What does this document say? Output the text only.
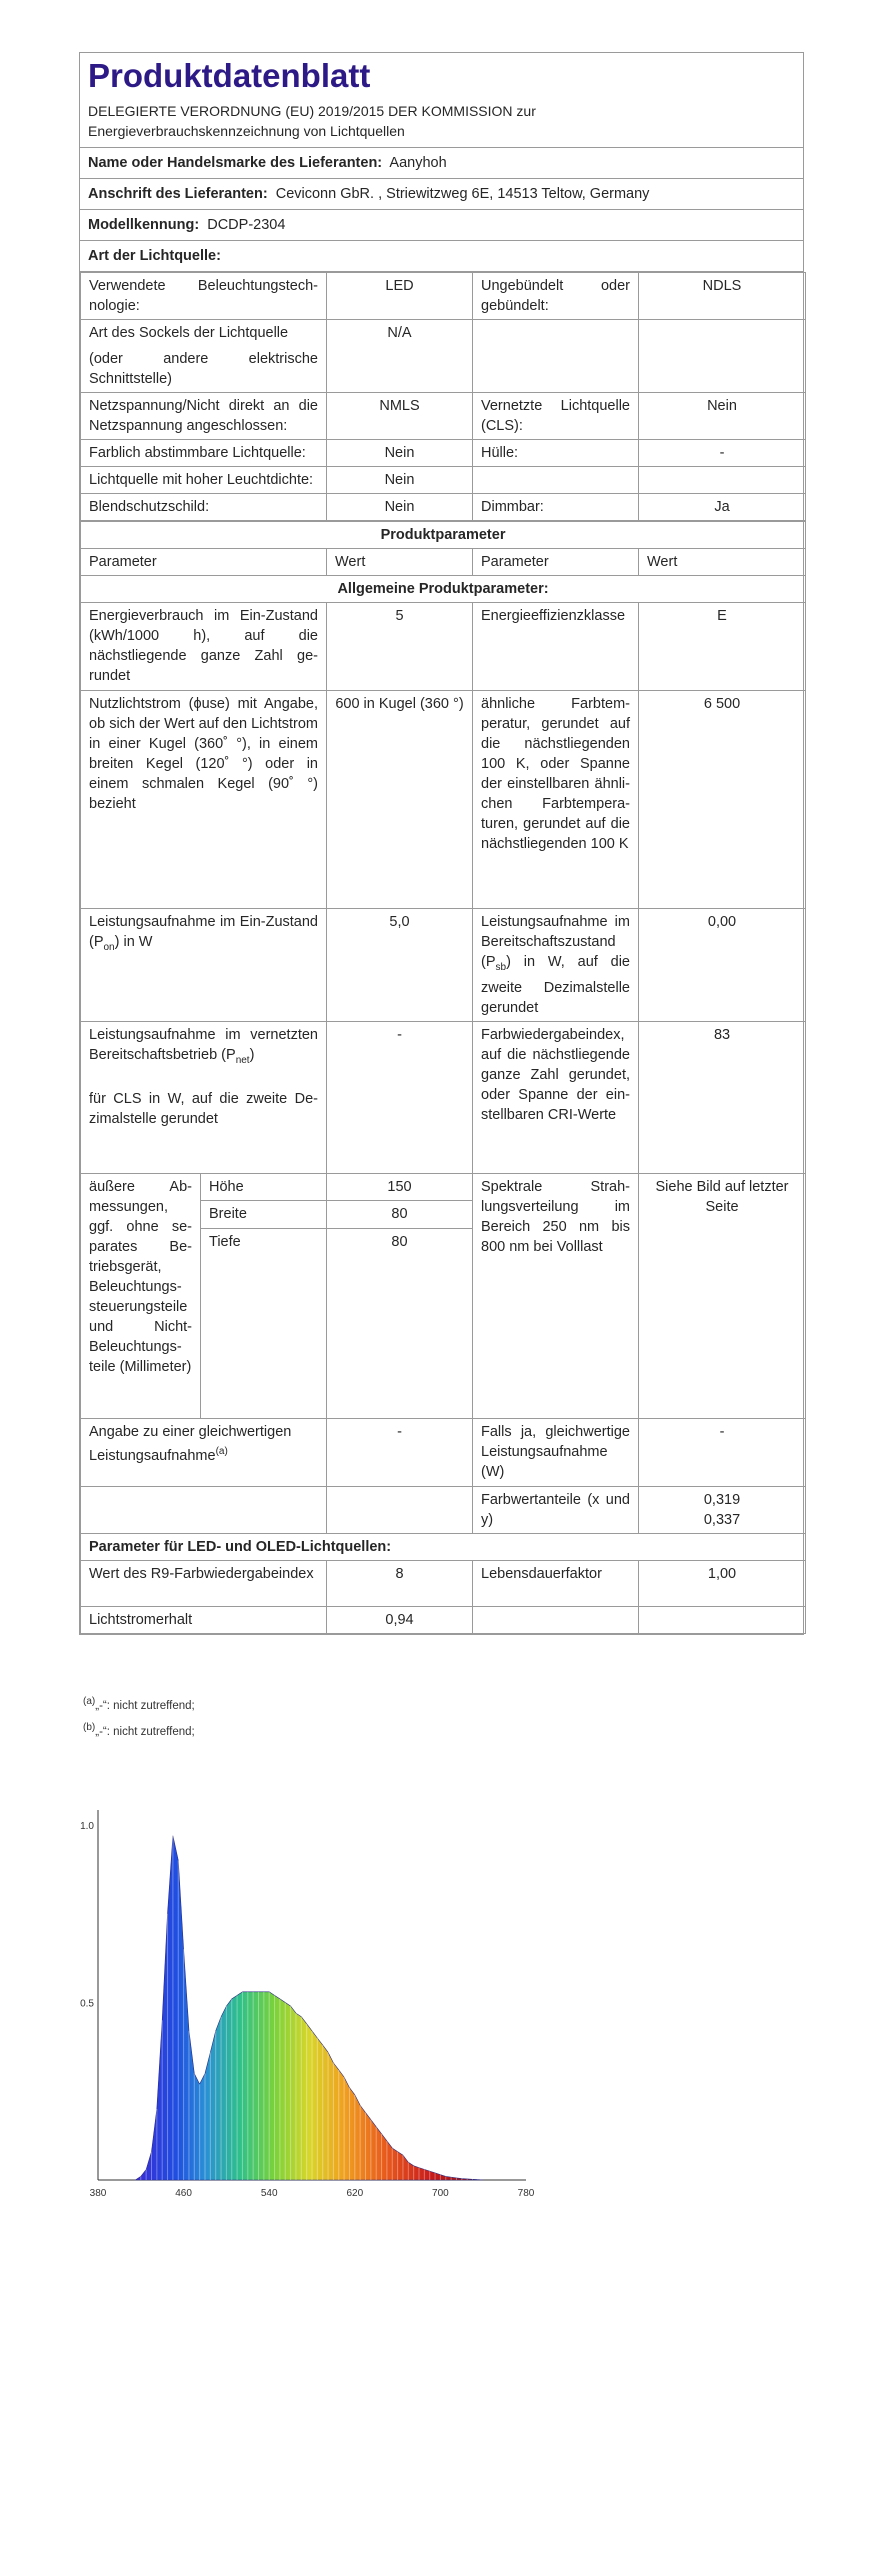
Produktdatenblatt
DELEGIERTE VERORDNUNG (EU) 2019/2015 DER KOMMISSION zur
Energieverbrauchskennzeichnung von Lichtquellen
Name oder Handelsmarke des Lieferanten: Aanyhoh
Anschrift des Lieferanten: Ceviconn GbR. , Striewitzweg 6E, 14513 Teltow, Germany
Modellkennung: DCDP-2304
Art der Lichtquelle:
Verwendete Beleuchtungstechnologie:	LED	Ungebündelt oder gebündelt:	NDLS

Art des Sockels der Lichtquelle
(oder andere elektrische Schnittstelle)	N/A		
Netzspannung/Nicht direkt an die Netzspannung angeschlossen:	NMLS	Vernetzte Lichtquelle (CLS):	Nein
Farblich abstimmbare Lichtquelle:	Nein	Hülle:	-
Lichtquelle mit hoher Leuchtdichte:	Nein		
Blendschutzschild:	Nein	Dimmbar:	Ja
Produktparameter				
Parameter		Wert	Parameter	Wert
Allgemeine Produktparameter:				
Energieverbrauch im Ein-Zustand (kWh/1000 h), auf die nächstliegende ganze Zahl gerundet		5	Energieeffizienzklasse	E
Nutzlichtstrom (ϕuse) mit Angabe, ob sich der Wert auf den Lichtstrom in einer Kugel (360˚ °), in einem breiten Kegel (120˚ °) oder in einem schmalen Kegel (90˚ °) bezieht		600 in Kugel (360 °)	ähnliche Farbtemperatur, gerundet auf die nächstliegenden 100 K, oder Spanne der einstellbaren ähnlichen Farbtemperaturen, gerundet auf die nächstliegenden 100 K	6 500
Leistungsaufnahme im Ein-Zustand $(P_{on})$ in W		5,0	Leistungsaufnahme im Bereitschaftszustand $(P_{sb})$ in W, auf die zweite Dezimalstelle gerundet	0,00

Leistungsaufnahme im vernetzten Bereitschaftsbetrieb $(P_{net})$
für CLS in W, auf die zweite Dezimalstelle gerundet		-	Farbwiedergabeindex, auf die nächstliegende ganze Zahl gerundet, oder Spanne der einstellbaren CRI-Werte	83
äußere Abmessungen, ggf. ohne separates Betriebsgerät, Beleuchtungssteuerungsteile und Nicht-Beleuchtungsteile (Millimeter)	Höhe	150	Spektrale Strahlungsverteilung im Bereich 250 nm bis 800 nm bei Volllast	Siehe Bild auf letzter Seite
	Breite	80		
	Tiefe	80		
Angabe zu einer gleichwertigen Leistungsaufnahme$^{(a)}$		-	Falls ja, gleichwertige Leistungsaufnahme (W)	-
			Farbwertanteile (x und y)	0,319
0,337

Parameter für LED- und OLED-Lichtquellen:				
Wert des R9-Farbwiedergabeindex		8	Lebensdauerfaktor	1,00
Lichtstromerhalt		0,94		
$^{(a)}$„-“: nicht zutreffend;
$^{(b)}$„-“: nicht zutreffend;
380	460	540	620	700	780
0.5
1.0
